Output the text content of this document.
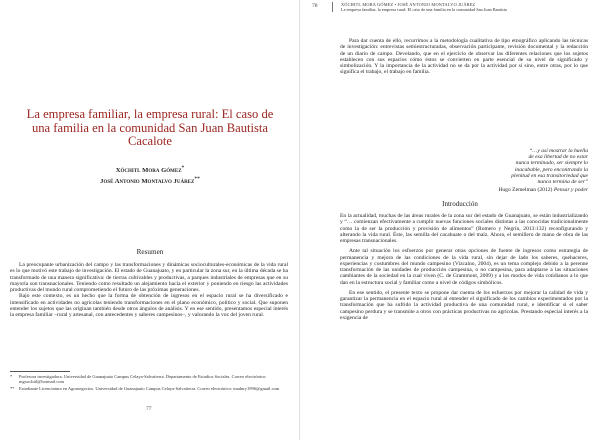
La empresa familiar, la empresa rural: El caso de una familia en la comunidad San Juan Bautista Cacalote
Xóchitl Mora Gómez*
José Antonio Montalvo Juárez**
Resumen

La preocupante urbanización del campo y las transformaciones y dinámicas socioculturales-económicas de la vida rural es lo que motivó este trabajo de investigación. El estado de Guanajuato, y en particular la zona sur, en la última década se ha transformado de una manera significativa: de tierras cultivables y productivas, a parques industriales de empresas que en su mayoría son transnacionales. Teniendo como resultado un alejamiento hacia el exterior y poniendo en riesgo las actividades productivas del mundo rural comprometiendo el futuro de las próximas generaciones.

Bajo este contexto, es un hecho que la forma de obtención de ingresos en el espacio rural se ha diversificado e intensificado en actividades no agrícolas teniendo transformaciones en el plano económico, político y social. Que suponen entender los sujetos que las originan también desde otros ángulos de análisis. Y en ese sentido, presentamos especial interés la empresa familiar –rural y artesanal, con antecedentes y saberes campesinos–, y valorando la voz del joven rural.

* Profesora investigadora. Universidad de Guanajuato Campus Celaya-Salvatierra. Departamento de Estudios Sociales. Correo electrónico: mgxochitl@hotmail.com
** Estudiante Licenciatura en Agronegocios. Universidad de Guanajuato Campus Celaya-Salvatierra. Correo electrónico: madury1996@gmail.com
77
78	XÓCHITL MORA GÓMEZ • JOSÉ ANTONIO MONTALVO JUÁREZ
La empresa familiar, la empresa rural: El caso de una familia en la comunidad San Juan Bautista

Para dar cuenta de ello, recurrimos a la metodología cualitativa de tipo etnográfico aplicando las técnicas de investigación: entrevistas semiestructuradas, observación participante, revisión documental y la redacción de un diario de campo. Develando, que en el ejercicio de observar las diferentes relaciones que los sujetos establecen con sus espacios cómo éstos se convierten en parte esencial de su nivel de significado y simbolización. Y la importancia de la actividad no se da por la actividad por sí sino, entre otras, por lo que significa el trabajo, el trabajo en familia.

“…y así mostrar la huella
de esa libertad de no estar
nunca terminado, ser siempre lo
inacabable, pero encontrando la
plenitud en esa transitoriedad que
nunca termina de ser”
Hugo Zemelman (2012) Pensar y poder
Introducción

En la actualidad, muchas de las áreas rurales de la zona sur del estado de Guanajuato, se están industrializando y “… comienzan efectivamente a cumplir nuevas funciones sociales distintas a las conocidas tradicionalmente como la de ser la producción y provisión de alimentos” (Romero y Negrín, 2013:132) reconfigurando y alterando la vida rural. Éste, las semilla del cacahuate o del maíz. Ahora, el semillero de mano de obra de las empresas transnacionales.

Ante tal situación los esfuerzos por generar otras opciones de fuente de ingresos como estrategia de permanencia y mejora de las condiciones de la vida rural, sin dejar de lado los saberes, quehaceres, experiencias y costumbres del mundo campesino (Vizcaíno, 2004), es un tema complejo debido a la perenne transformación de las unidades de producción campesina, o no campesina, para adaptarse a las situaciones cambiantes de la sociedad en la cual viven (C. de Grammont, 2009) y a los modos de vida cotidianos a lo que dan en la estructura social y familiar como a nivel de códigos simbólicos.

En ese sentido, el presente texto se propone dar cuenta de los esfuerzos por mejorar la calidad de vida y garantizar la permanencia en el espacio rural al entender el significado de los cambios experimentados por la transformación que ha sufrido la actividad productiva de una comunidad rural, e identificar si el saber campesino perdura y se transmite a otros con prácticas productivas no agrícolas. Prestando especial interés a la exigencia de
